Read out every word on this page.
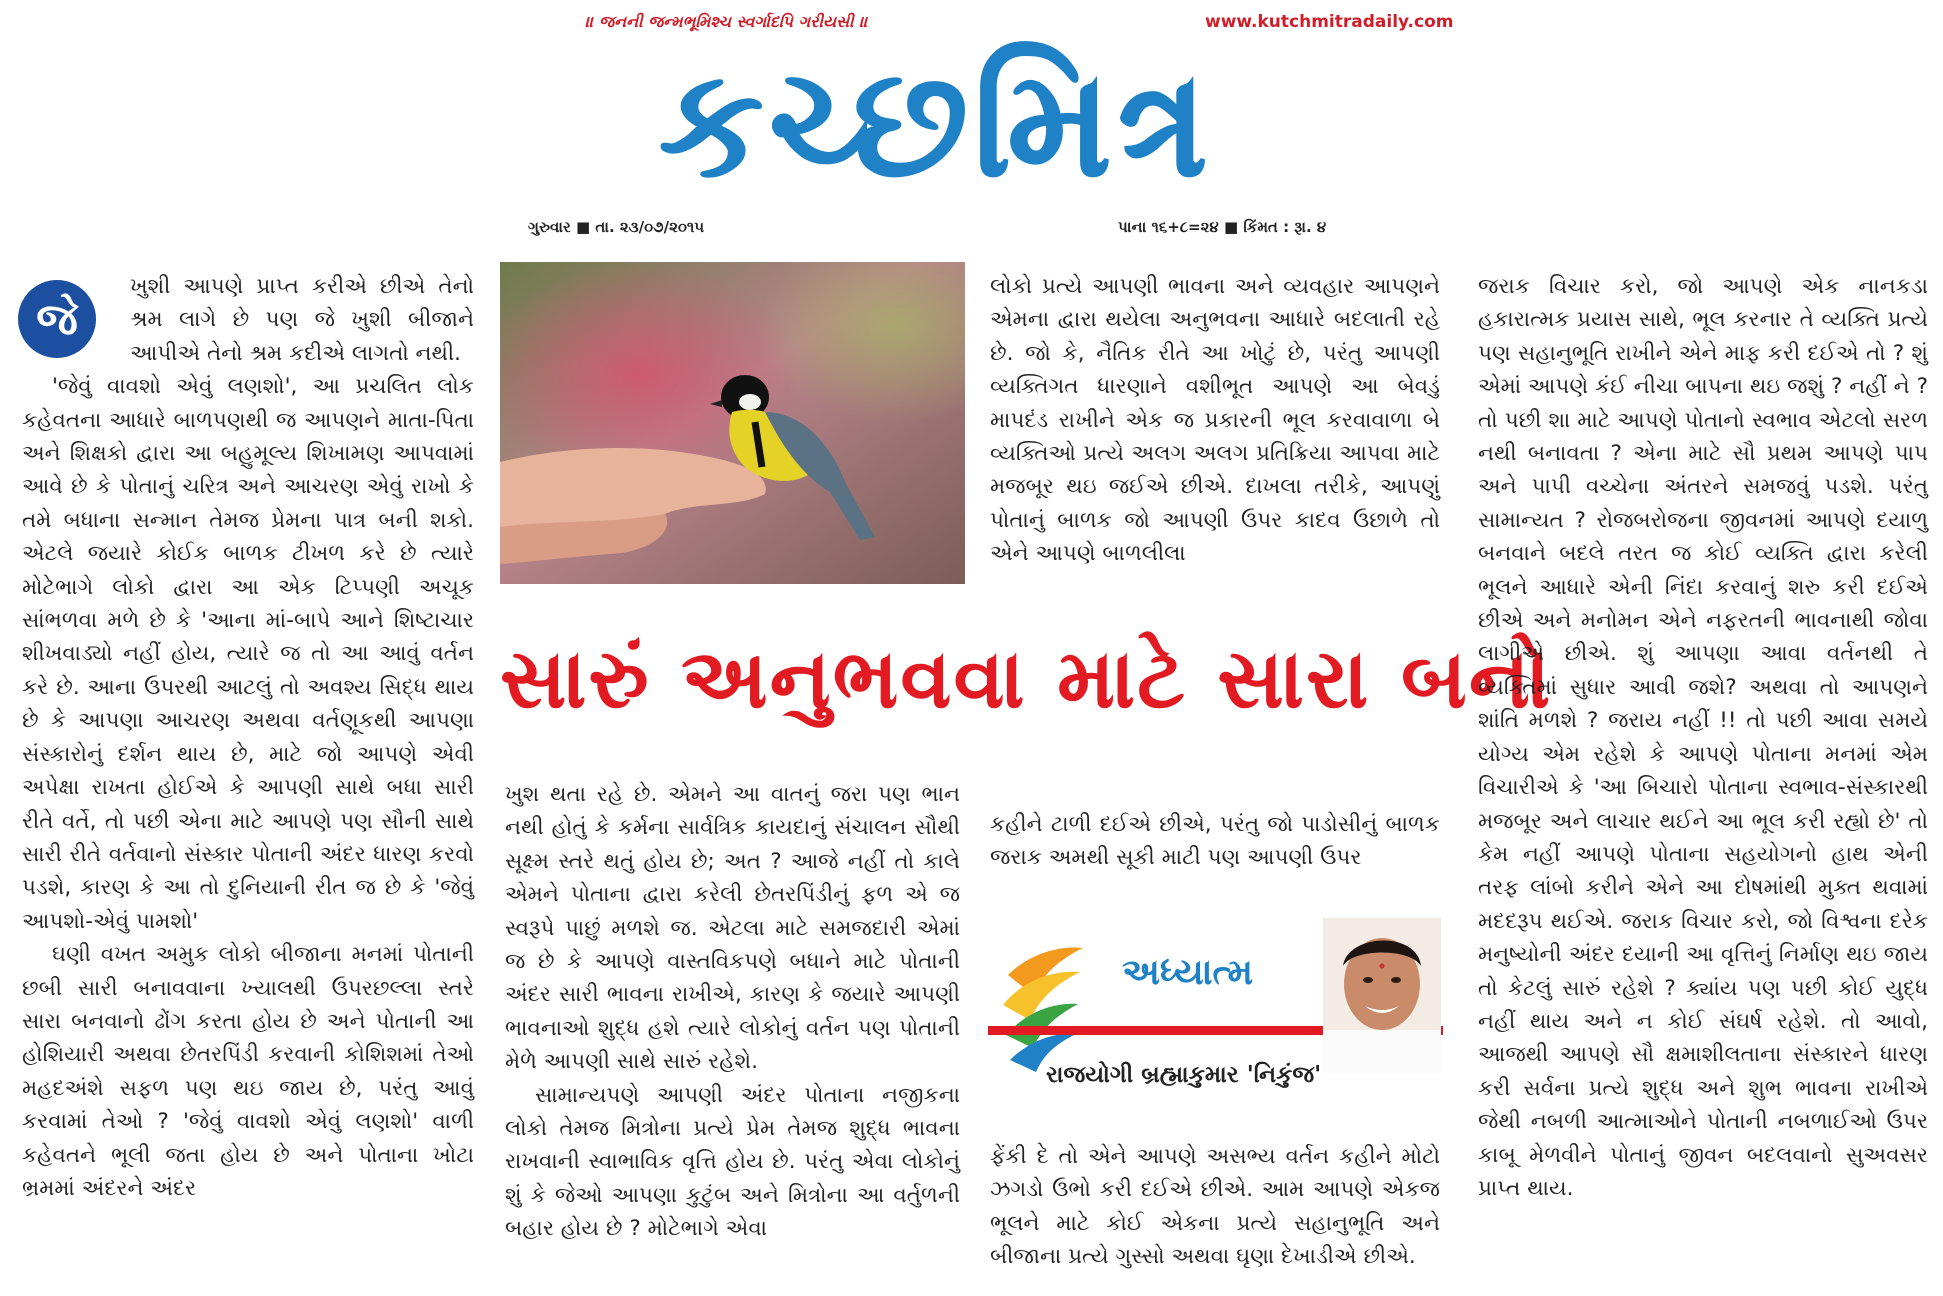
॥ જનની જન્મભૂમિશ્ચ સ્વર્ગાદપિ ગરીયસી ॥	www.kutchmitradaily.com
કચ્છમિત્ર
ગુરુવાર ■ તા. ૨૩/૦૭/૨૦૧૫	પાના ૧૬+૮=૨૪ ■ કિંમત : રૂા. ૪
જે

ખુશી આપણે પ્રાપ્ત કરીએ છીએ તેનો શ્રમ લાગે છે પણ જે ખુશી બીજાને આપીએ તેનો શ્રમ કદીએ લાગતો નથી.

'જેવું વાવશો એવું લણશો', આ પ્રચલિત લોક કહેવતના આધારે બાળપણથી જ આપણને માતા-પિતા અને શિક્ષકો દ્વારા આ બહુમૂલ્ય શિખામણ આપવામાં આવે છે કે પોતાનું ચરિત્ર અને આચરણ એવું રાખો કે તમે બધાના સન્માન તેમજ પ્રેમના પાત્ર બની શકો. એટલે જયારે કોઈક બાળક ટીખળ કરે છે ત્યારે મોટેભાગે લોકો દ્વારા આ એક ટિપ્પણી અચૂક સાંભળવા મળે છે કે 'આના માં-બાપે આને શિષ્ટાચાર શીખવાડ્યો નહીં હોય, ત્યારે જ તો આ આવું વર્તન કરે છે. આના ઉપરથી આટલું તો અવશ્ય સિદ્ધ થાય છે કે આપણા આચરણ અથવા વર્તણૂકથી આપણા સંસ્કારોનું દર્શન થાય છે, માટે જો આપણે એવી અપેક્ષા રાખતા હોઈએ કે આપણી સાથે બધા સારી રીતે વર્તે, તો પછી એના માટે આપણે પણ સૌની સાથે સારી રીતે વર્તવાનો સંસ્કાર પોતાની અંદર ધારણ કરવો પડશે, કારણ કે આ તો દુનિયાની રીત જ છે કે 'જેવું આપશો-એવું પામશો'

ઘણી વખત અમુક લોકો બીજાના મનમાં પોતાની છબી સારી બનાવવાના ખ્યાલથી ઉપરછલ્લા સ્તરે સારા બનવાનો ઢોંગ કરતા હોય છે અને પોતાની આ હોશિયારી અથવા છેતરપિંડી કરવાની કોશિશમાં તેઓ મહદઅંશે સફળ પણ થઇ જાય છે, પરંતુ આવું કરવામાં તેઓ ? 'જેવું વાવશો એવું લણશો' વાળી કહેવતને ભૂલી જતા હોય છે અને પોતાના ખોટા ભ્રમમાં અંદરને અંદર

ખુશ થતા રહે છે. એમને આ વાતનું જરા પણ ભાન નથી હોતું કે કર્મના સાર્વત્રિક કાયદાનું સંચાલન સૌથી સૂક્ષ્મ સ્તરે થતું હોય છે; અત ? આજે નહીં તો કાલે એમને પોતાના દ્વારા કરેલી છેતરપિંડીનું ફળ એ જ સ્વરૂપે પાછું મળશે જ. એટલા માટે સમજદારી એમાં જ છે કે આપણે વાસ્તવિકપણે બધાને માટે પોતાની અંદર સારી ભાવના રાખીએ, કારણ કે જયારે આપણી ભાવનાઓ શુદ્ધ હશે ત્યારે લોકોનું વર્તન પણ પોતાની મેળે આપણી સાથે સારું રહેશે.

સામાન્યપણે આપણી અંદર પોતાના નજીકના લોકો તેમજ મિત્રોના પ્રત્યે પ્રેમ તેમજ શુદ્ધ ભાવના રાખવાની સ્વાભાવિક વૃત્તિ હોય છે. પરંતુ એવા લોકોનું શું કે જેઓ આપણા કુટુંબ અને મિત્રોના આ વર્તુળની બહાર હોય છે ? મોટેભાગે એવા

લોકો પ્રત્યે આપણી ભાવના અને વ્યવહાર આપણને એમના દ્વારા થયેલા અનુભવના આધારે બદલાતી રહે છે. જો કે, નૈતિક રીતે આ ખોટું છે, પરંતુ આપણી વ્યક્તિગત ધારણાને વશીભૂત આપણે આ બેવડું માપદંડ રાખીને એક જ પ્રકારની ભૂલ કરવાવાળા બે વ્યક્તિઓ પ્રત્યે અલગ અલગ પ્રતિક્રિયા આપવા માટે મજબૂર થઇ જઈએ છીએ. દાખલા તરીકે, આપણું પોતાનું બાળક જો આપણી ઉપર કાદવ ઉછાળે તો એને આપણે બાળલીલા

કહીને ટાળી દઈએ છીએ, પરંતુ જો પાડોસીનું બાળક જરાક અમથી સૂકી માટી પણ આપણી ઉપર

ફેંકી દે તો એને આપણે અસભ્ય વર્તન કહીને મોટો ઝગડો ઉભો કરી દઈએ છીએ. આમ આપણે એકજ ભૂલને માટે કોઈ એકના પ્રત્યે સહાનુભૂતિ અને બીજાના પ્રત્યે ગુસ્સો અથવા ઘૃણા દેખાડીએ છીએ.

સારું અનુભવવા માટે સારા બનો
અધ્યાત્મ
રાજયોગી બ્રહ્માકુમાર 'નિકુંજ'

જરાક વિચાર કરો, જો આપણે એક નાનકડા હકારાત્મક પ્રયાસ સાથે, ભૂલ કરનાર તે વ્યક્તિ પ્રત્યે પણ સહાનુભૂતિ રાખીને એને માફ કરી દઈએ તો ? શું એમાં આપણે કંઈ નીચા બાપના થઇ જશું ? નહીં ને ? તો પછી શા માટે આપણે પોતાનો સ્વભાવ એટલો સરળ નથી બનાવતા ? એના માટે સૌ પ્રથમ આપણે પાપ અને પાપી વચ્ચેના અંતરને સમજવું પડશે. પરંતુ સામાન્યત ? રોજબરોજના જીવનમાં આપણે દયાળુ બનવાને બદલે તરત જ કોઈ વ્યક્તિ દ્વારા કરેલી ભૂલને આધારે એની નિંદા કરવાનું શરુ કરી દઈએ છીએ અને મનોમન એને નફરતની ભાવનાથી જોવા લાગીએ છીએ. શું આપણા આવા વર્તનથી તે વ્યક્તિમાં સુધાર આવી જશે? અથવા તો આપણને શાંતિ મળશે ? જરાય નહીં !! તો પછી આવા સમયે યોગ્ય એમ રહેશે કે આપણે પોતાના મનમાં એમ વિચારીએ કે 'આ બિચારો પોતાના સ્વભાવ-સંસ્કારથી મજબૂર અને લાચાર થઈને આ ભૂલ કરી રહ્યો છે' તો કેમ નહીં આપણે પોતાના સહયોગનો હાથ એની તરફ લાંબો કરીને એને આ દોષમાંથી મુક્ત થવામાં મદદરૂપ થઈએ. જરાક વિચાર કરો, જો વિશ્વના દરેક મનુષ્યોની અંદર દયાની આ વૃત્તિનું નિર્માણ થઇ જાય તો કેટલું સારું રહેશે ? ક્યાંય પણ પછી કોઈ યુદ્ધ નહીં થાય અને ન કોઈ સંઘર્ષ રહેશે. તો આવો, આજથી આપણે સૌ ક્ષમાશીલતાના સંસ્કારને ધારણ કરી સર્વના પ્રત્યે શુદ્ધ અને શુભ ભાવના રાખીએ જેથી નબળી આત્માઓને પોતાની નબળાઈઓ ઉપર કાબૂ મેળવીને પોતાનું જીવન બદલવાનો સુઅવસર પ્રાપ્ત થાય.
